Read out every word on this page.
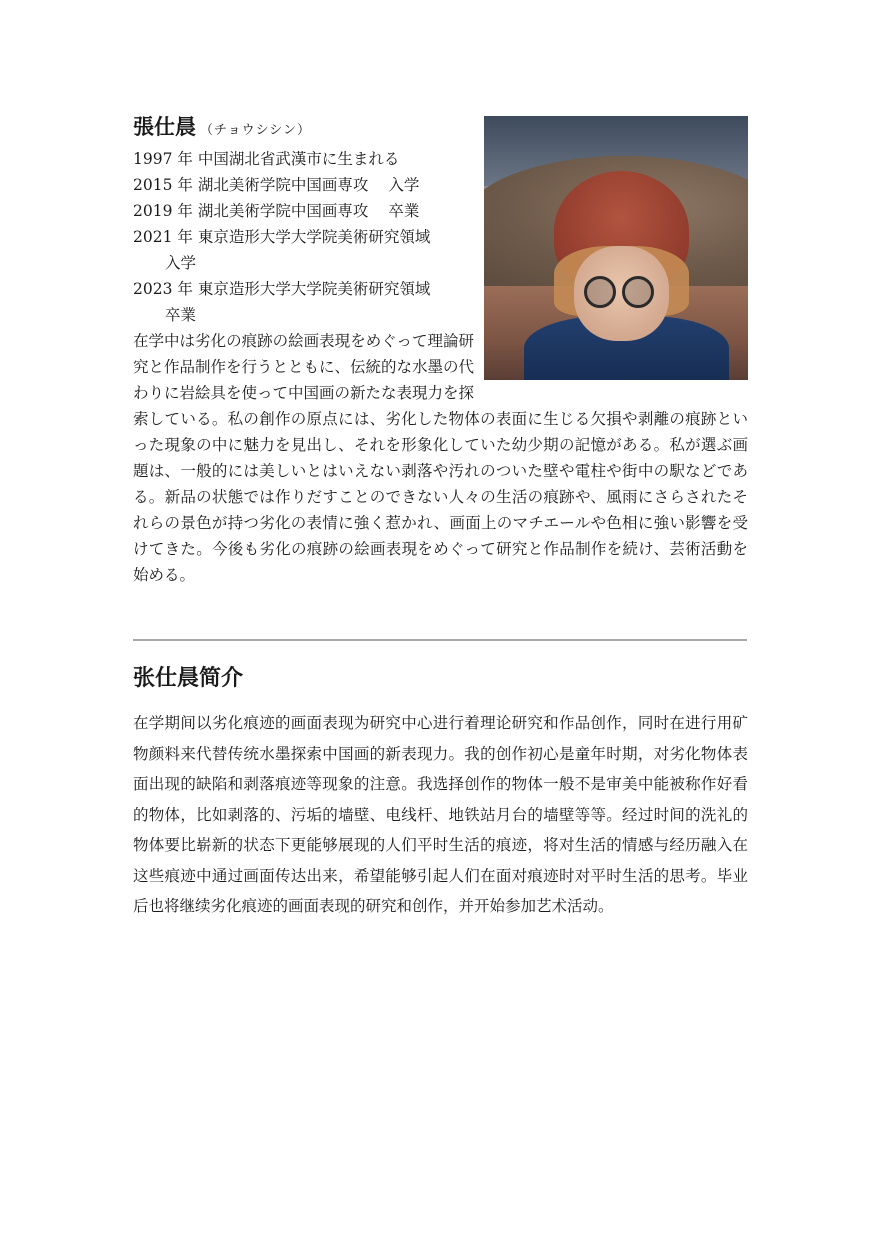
張仕晨 （チョウシシン）

1997 年 中国湖北省武漢市に生まれる

2015 年 湖北美術学院中国画専攻 入学

2019 年 湖北美術学院中国画専攻 卒業

2021 年 東京造形大学大学院美術研究領域
入学

2023 年 東京造形大学大学院美術研究領域
卒業

在学中は劣化の痕跡の絵画表現をめぐって理論研究と作品制作を行うとともに、伝統的な水墨の代わりに岩絵具を使って中国画の新たな表現力を探索している。私の創作の原点には、劣化した物体の表面に生じる欠損や剥離の痕跡といった現象の中に魅力を見出し、それを形象化していた幼少期の記憶がある。私が選ぶ画題は、一般的には美しいとはいえない剥落や汚れのついた壁や電柱や街中の駅などである。新品の状態では作りだすことのできない人々の生活の痕跡や、風雨にさらされたそれらの景色が持つ劣化の表情に強く惹かれ、画面上のマチエールや色相に強い影響を受けてきた。今後も劣化の痕跡の絵画表現をめぐって研究と作品制作を続け、芸術活動を始める。

张仕晨简介

在学期间以劣化痕迹的画面表现为研究中心进行着理论研究和作品创作，同时在进行用矿物颜料来代替传统水墨探索中国画的新表现力。我的创作初心是童年时期，对劣化物体表面出现的缺陷和剥落痕迹等现象的注意。我选择创作的物体一般不是审美中能被称作好看的物体，比如剥落的、污垢的墙壁、电线杆、地铁站月台的墙壁等等。经过时间的洗礼的物体要比崭新的状态下更能够展现的人们平时生活的痕迹，将对生活的情感与经历融入在这些痕迹中通过画面传达出来，希望能够引起人们在面对痕迹时对平时生活的思考。毕业后也将继续劣化痕迹的画面表现的研究和创作，并开始参加艺术活动。
